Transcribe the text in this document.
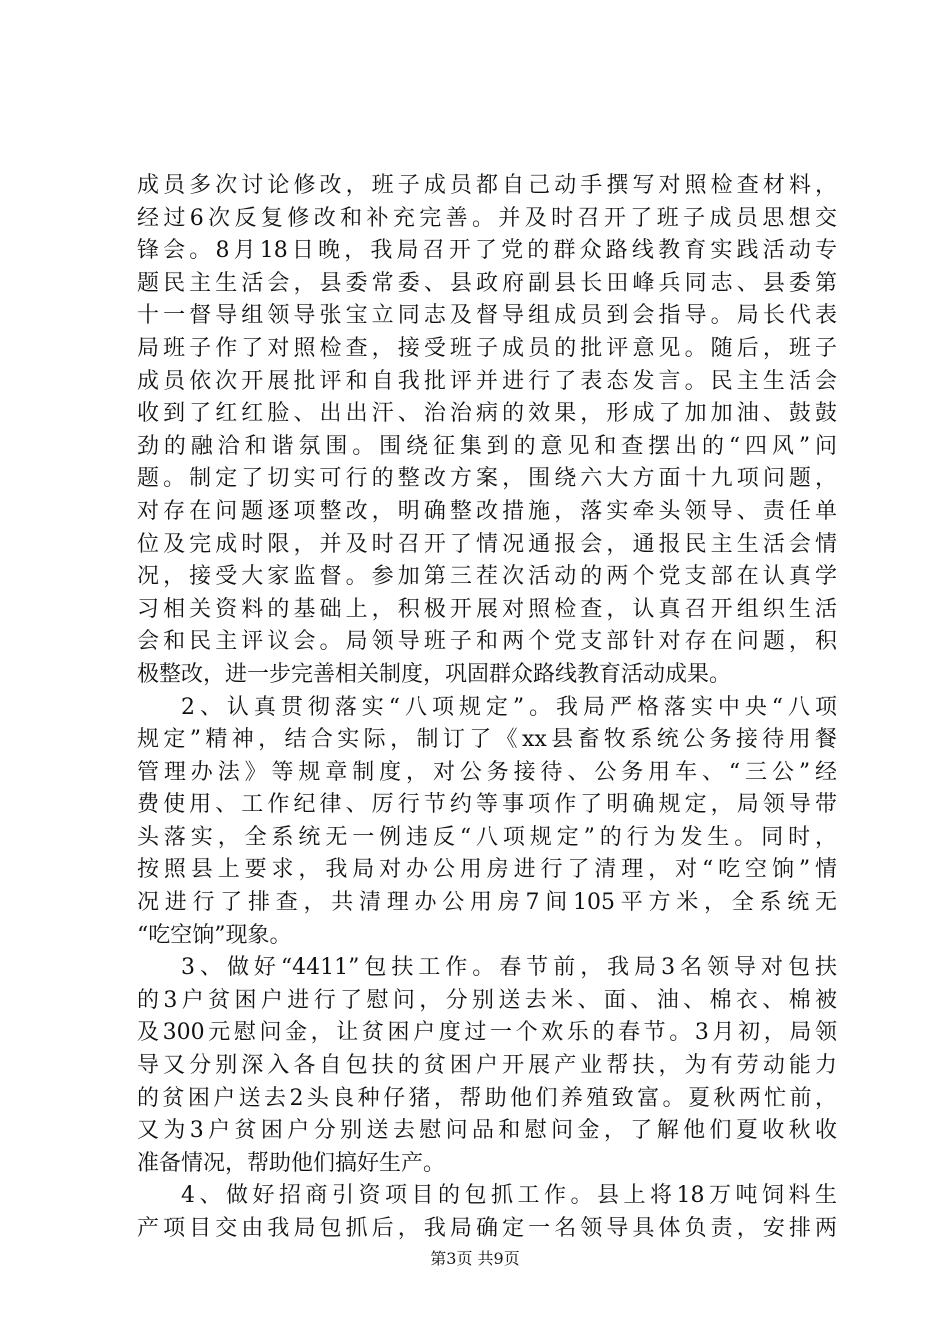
成员多次讨论修改，班子成员都自己动手撰写对照检查材料，
经过6次反复修改和补充完善。并及时召开了班子成员思想交
锋会。8月18日晚，我局召开了党的群众路线教育实践活动专
题民主生活会，县委常委、县政府副县长田峰兵同志、县委第
十一督导组领导张宝立同志及督导组成员到会指导。局长代表
局班子作了对照检查，接受班子成员的批评意见。随后，班子
成员依次开展批评和自我批评并进行了表态发言。民主生活会
收到了红红脸、出出汗、治治病的效果，形成了加加油、鼓鼓
劲的融洽和谐氛围。围绕征集到的意见和查摆出的“四风”问
题。制定了切实可行的整改方案，围绕六大方面十九项问题，
对存在问题逐项整改，明确整改措施，落实牵头领导、责任单
位及完成时限，并及时召开了情况通报会，通报民主生活会情
况，接受大家监督。参加第三茬次活动的两个党支部在认真学
习相关资料的基础上，积极开展对照检查，认真召开组织生活
会和民主评议会。局领导班子和两个党支部针对存在问题，积
极整改，进一步完善相关制度，巩固群众路线教育活动成果。
2、认真贯彻落实“八项规定”。我局严格落实中央“八项
规定”精神，结合实际，制订了《xx县畜牧系统公务接待用餐
管理办法》等规章制度，对公务接待、公务用车、“三公”经
费使用、工作纪律、厉行节约等事项作了明确规定，局领导带
头落实，全系统无一例违反“八项规定”的行为发生。同时，
按照县上要求，我局对办公用房进行了清理，对“吃空饷”情
况进行了排查，共清理办公用房7间105平方米，全系统无
“吃空饷”现象。
3、做好“4411”包扶工作。春节前，我局3名领导对包扶
的3户贫困户进行了慰问，分别送去米、面、油、棉衣、棉被
及300元慰问金，让贫困户度过一个欢乐的春节。3月初，局领
导又分别深入各自包扶的贫困户开展产业帮扶，为有劳动能力
的贫困户送去2头良种仔猪，帮助他们养殖致富。夏秋两忙前，
又为3户贫困户分别送去慰问品和慰问金，了解他们夏收秋收
准备情况，帮助他们搞好生产。
4、做好招商引资项目的包抓工作。县上将18万吨饲料生
产项目交由我局包抓后，我局确定一名领导具体负责，安排两
第3页 共9页
